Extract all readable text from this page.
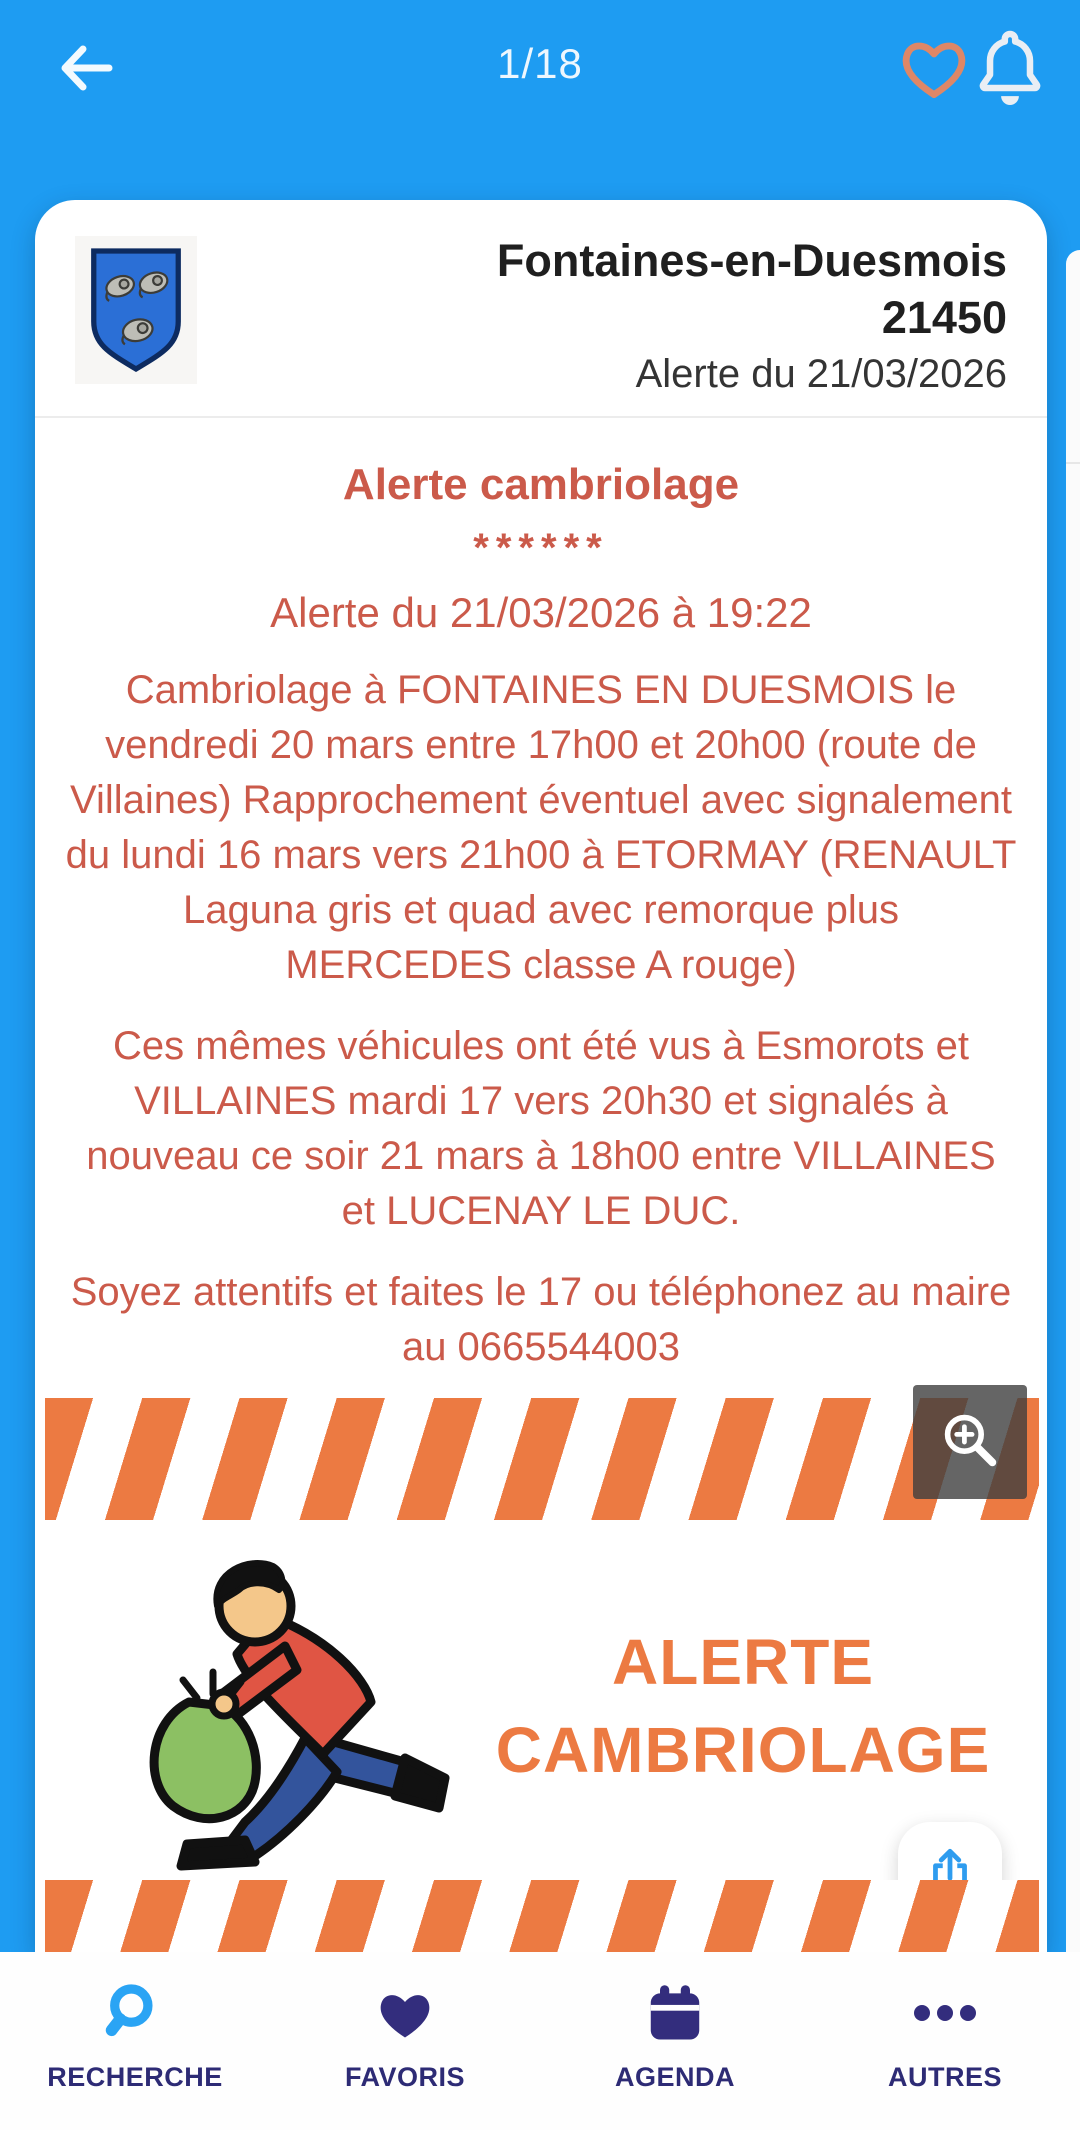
1/18
Fontaines-en-Duesmois
21450
Alerte du 21/03/2026
Alerte cambriolage
******
Alerte du 21/03/2026 à 19:22

Cambriolage à FONTAINES EN DUESMOIS le vendredi 20 mars entre 17h00 et 20h00 (route de Villaines) Rapprochement éventuel avec signalement du lundi 16 mars vers 21h00 à ETORMAY (RENAULT Laguna gris et quad avec remorque plus MERCEDES classe A rouge)

Ces mêmes véhicules ont été vus à Esmorots et VILLAINES mardi 17 vers 20h30 et signalés à nouveau ce soir 21 mars à 18h00 entre VILLAINES et LUCENAY LE DUC.

Soyez attentifs et faites le 17 ou téléphonez au maire au 0665544003

ALERTE
CAMBRIOLAGE
RECHERCHE	FAVORIS	AGENDA	AUTRES
